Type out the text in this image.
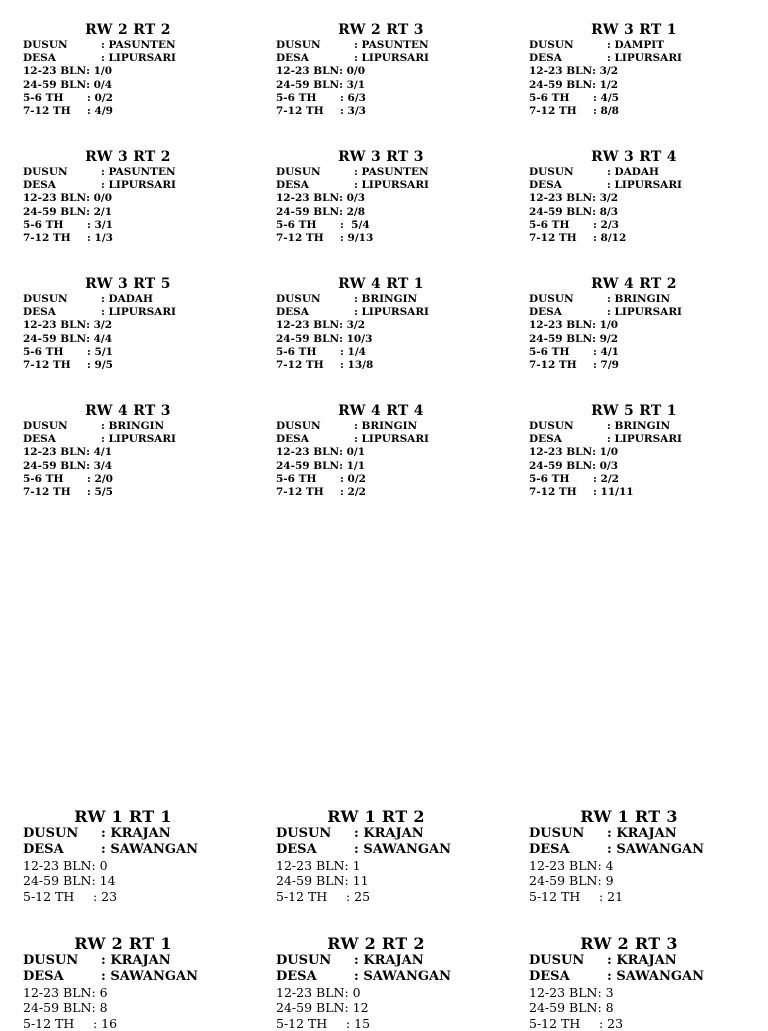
RW 2 RT 2
DUSUN	: PASUNTEN
DESA	: LIPURSARI
12-23 BLN : 1/0
24-59 BLN : 0/4
5-6 TH	: 0/2
7-12 TH	: 4/9
RW 2 RT 3
DUSUN	: PASUNTEN
DESA	: LIPURSARI
12-23 BLN : 0/0
24-59 BLN : 3/1
5-6 TH	: 6/3
7-12 TH	: 3/3
RW 3 RT 1
DUSUN	: DAMPIT
DESA	: LIPURSARI
12-23 BLN : 3/2
24-59 BLN : 1/2
5-6 TH	: 4/5
7-12 TH	: 8/8
RW 3 RT 2
DUSUN	: PASUNTEN
DESA	: LIPURSARI
12-23 BLN : 0/0
24-59 BLN : 2/1
5-6 TH	: 3/1
7-12 TH	: 1/3
RW 3 RT 3
DUSUN	: PASUNTEN
DESA	: LIPURSARI
12-23 BLN : 0/3
24-59 BLN : 2/8
5-6 TH	:  5/4
7-12 TH	: 9/13
RW 3 RT 4
DUSUN	: DADAH
DESA	: LIPURSARI
12-23 BLN : 3/2
24-59 BLN : 8/3
5-6 TH	: 2/3
7-12 TH	: 8/12
RW 3 RT 5
DUSUN	: DADAH
DESA	: LIPURSARI
12-23 BLN : 3/2
24-59 BLN : 4/4
5-6 TH	: 5/1
7-12 TH	: 9/5
RW 4 RT 1
DUSUN	: BRINGIN
DESA	: LIPURSARI
12-23 BLN : 3/2
24-59 BLN : 10/3
5-6 TH	: 1/4
7-12 TH	: 13/8
RW 4 RT 2
DUSUN	: BRINGIN
DESA	: LIPURSARI
12-23 BLN : 1/0
24-59 BLN : 9/2
5-6 TH	: 4/1
7-12 TH	: 7/9
RW 4 RT 3
DUSUN	: BRINGIN
DESA	: LIPURSARI
12-23 BLN : 4/1
24-59 BLN : 3/4
5-6 TH	: 2/0
7-12 TH	: 5/5
RW 4 RT 4
DUSUN	: BRINGIN
DESA	: LIPURSARI
12-23 BLN : 0/1
24-59 BLN : 1/1
5-6 TH	: 0/2
7-12 TH	: 2/2
RW 5 RT 1
DUSUN	: BRINGIN
DESA	: LIPURSARI
12-23 BLN : 1/0
24-59 BLN : 0/3
5-6 TH	: 2/2
7-12 TH	: 11/11
RW 1 RT 1
DUSUN	: KRAJAN
DESA	: SAWANGAN
12-23 BLN : 0
24-59 BLN : 14
5-12 TH	: 23
RW 1 RT 2
DUSUN	: KRAJAN
DESA	: SAWANGAN
12-23 BLN : 1
24-59 BLN : 11
5-12 TH	: 25
RW 1 RT 3
DUSUN	: KRAJAN
DESA	: SAWANGAN
12-23 BLN : 4
24-59 BLN : 9
5-12 TH	: 21
RW 2 RT 1
DUSUN	: KRAJAN
DESA	: SAWANGAN
12-23 BLN : 6
24-59 BLN : 8
5-12 TH	: 16
RW 2 RT 2
DUSUN	: KRAJAN
DESA	: SAWANGAN
12-23 BLN : 0
24-59 BLN : 12
5-12 TH	: 15
RW 2 RT 3
DUSUN	: KRAJAN
DESA	: SAWANGAN
12-23 BLN : 3
24-59 BLN : 8
5-12 TH	: 23
